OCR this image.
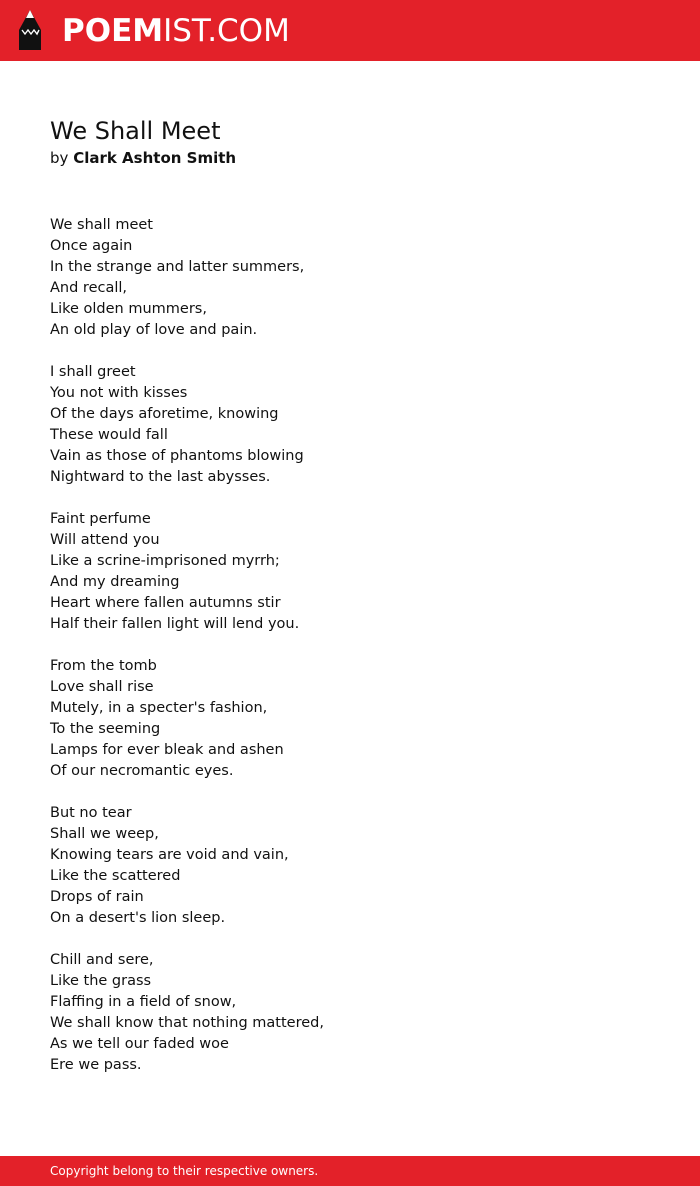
POEMIST.COM
We Shall Meet

by Clark Ashton Smith

We shall meet
Once again
In the strange and latter summers,
And recall,
Like olden mummers,
An old play of love and pain.
I shall greet
You not with kisses
Of the days aforetime, knowing
These would fall
Vain as those of phantoms blowing
Nightward to the last abysses.
Faint perfume
Will attend you
Like a scrine-imprisoned myrrh;
And my dreaming
Heart where fallen autumns stir
Half their fallen light will lend you.
From the tomb
Love shall rise
Mutely, in a specter's fashion,
To the seeming
Lamps for ever bleak and ashen
Of our necromantic eyes.
But no tear
Shall we weep,
Knowing tears are void and vain,
Like the scattered
Drops of rain
On a desert's lion sleep.
Chill and sere,
Like the grass
Flaffing in a field of snow,
We shall know that nothing mattered,
As we tell our faded woe
Ere we pass.
Copyright belong to their respective owners.
